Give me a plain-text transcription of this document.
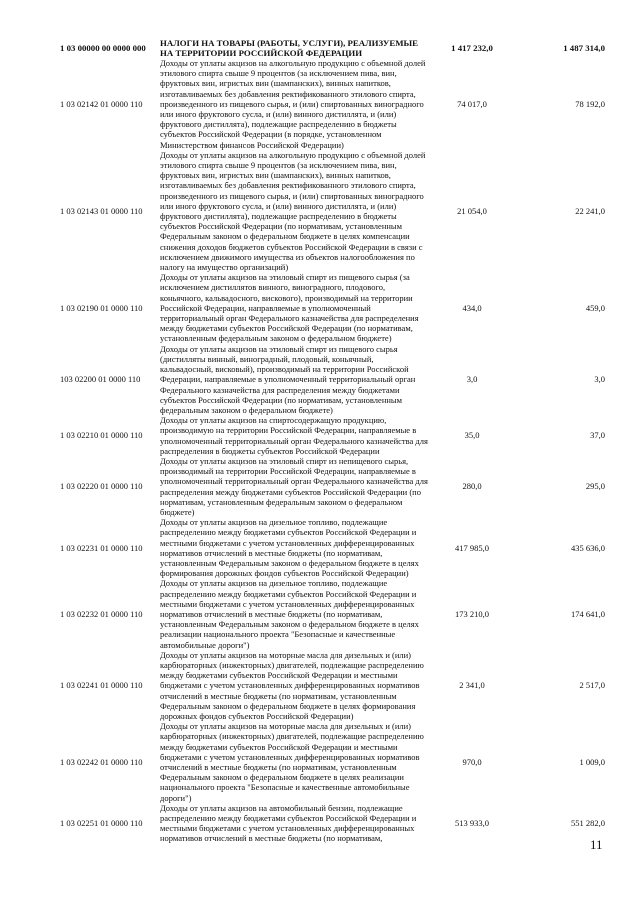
1 03 00000 00 0000 000	НАЛОГИ НА ТОВАРЫ (РАБОТЫ, УСЛУГИ), РЕАЛИЗУЕМЫЕ НА ТЕРРИТОРИИ РОССИЙСКОЙ ФЕДЕРАЦИИ	1 417 232,0	1 487 314,0
1 03 02142 01 0000 110	Доходы от уплаты акцизов на алкогольную продукцию с объемной долей этилового спирта свыше 9 процентов (за исключением пива, вин, фруктовых вин, игристых вин (шампанских), винных напитков, изготавливаемых без добавления ректификованного этилового спирта, произведенного из пищевого сырья, и (или) спиртованных виноградного или иного фруктового сусла, и (или) винного дистиллята, и (или) фруктового дистиллята), подлежащие распределению в бюджеты субъектов Российской Федерации (в порядке, установленном Министерством финансов Российской Федерации)	74 017,0	78 192,0
1 03 02143 01 0000 110	Доходы от уплаты акцизов на алкогольную продукцию с объемной долей этилового спирта свыше 9 процентов (за исключением пива, вин, фруктовых вин, игристых вин (шампанских), винных напитков, изготавливаемых без добавления ректификованного этилового спирта, произведенного из пищевого сырья, и (или) спиртованных виноградного или иного фруктового сусла, и (или) винного дистиллята, и (или) фруктового дистиллята), подлежащие распределению в бюджеты субъектов Российской Федерации (по нормативам, установленным Федеральным законом о федеральном бюджете в целях компенсации снижения доходов бюджетов субъектов Российской Федерации в связи с исключением движимого имущества из объектов налогообложения по налогу на имущество организаций)	21 054,0	22 241,0
1 03 02190 01 0000 110	Доходы от уплаты акцизов на этиловый спирт из пищевого сырья (за исключением дистиллятов винного, виноградного, плодового, коньячного, кальвадосного, вискового), производимый на территории Российской Федерации, направляемые в уполномоченный территориальный орган Федерального казначейства для распределения между бюджетами субъектов Российской Федерации (по нормативам, установленным федеральным законом о федеральном бюджете)	434,0	459,0
103 02200 01 0000 110	Доходы от уплаты акцизов на этиловый спирт из пищевого сырья (дистилляты винный, виноградный, плодовый, коньячный, кальвадосный, висковый), производимый на территории Российской Федерации, направляемые в уполномоченный территориальный орган Федерального казначейства для распределения между бюджетами субъектов Российской Федерации (по нормативам, установленным федеральным законом о федеральном бюджете)	3,0	3,0
1 03 02210 01 0000 110	Доходы от уплаты акцизов на спиртосодержащую продукцию, производимую на территории Российской Федерации, направляемые в уполномоченный территориальный орган Федерального казначейства для распределения в бюджеты субъектов Российской Федерации	35,0	37,0
1 03 02220 01 0000 110	Доходы от уплаты акцизов на этиловый спирт из непищевого сырья, производимый на территории Российской Федерации, направляемые в уполномоченный территориальный орган Федерального казначейства для распределения между бюджетами субъектов Российской Федерации (по нормативам, установленным федеральным законом о федеральном бюджете)	280,0	295,0
1 03 02231 01 0000 110	Доходы от уплаты акцизов на дизельное топливо, подлежащие распределению между бюджетами субъектов Российской Федерации и местными бюджетами с учетом установленных дифференцированных нормативов отчислений в местные бюджеты (по нормативам, установленным Федеральным законом о федеральном бюджете в целях формирования дорожных фондов субъектов Российской Федерации)	417 985,0	435 636,0
1 03 02232 01 0000 110	Доходы от уплаты акцизов на дизельное топливо, подлежащие распределению между бюджетами субъектов Российской Федерации и местными бюджетами с учетом установленных дифференцированных нормативов отчислений в местные бюджеты (по нормативам, установленным Федеральным законом о федеральном бюджете в целях реализации национального проекта "Безопасные и качественные автомобильные дороги")	173 210,0	174 641,0
1 03 02241 01 0000 110	Доходы от уплаты акцизов на моторные масла для дизельных и (или) карбюраторных (инжекторных) двигателей, подлежащие распределению между бюджетами субъектов Российской Федерации и местными бюджетами с учетом установленных дифференцированных нормативов отчислений в местные бюджеты (по нормативам, установленным Федеральным законом о федеральном бюджете в целях формирования дорожных фондов субъектов Российской Федерации)	2 341,0	2 517,0
1 03 02242 01 0000 110	Доходы от уплаты акцизов на моторные масла для дизельных и (или) карбюраторных (инжекторных) двигателей, подлежащие распределению между бюджетами субъектов Российской Федерации и местными бюджетами с учетом установленных дифференцированных нормативов отчислений в местные бюджеты (по нормативам, установленным Федеральным законом о федеральном бюджете в целях реализации национального проекта "Безопасные и качественные автомобильные дороги")	970,0	1 009,0
1 03 02251 01 0000 110	Доходы от уплаты акцизов на автомобильный бензин, подлежащие распределению между бюджетами субъектов Российской Федерации и местными бюджетами с учетом установленных дифференцированных нормативов отчислений в местные бюджеты (по нормативам,	513 933,0	551 282,0
11
